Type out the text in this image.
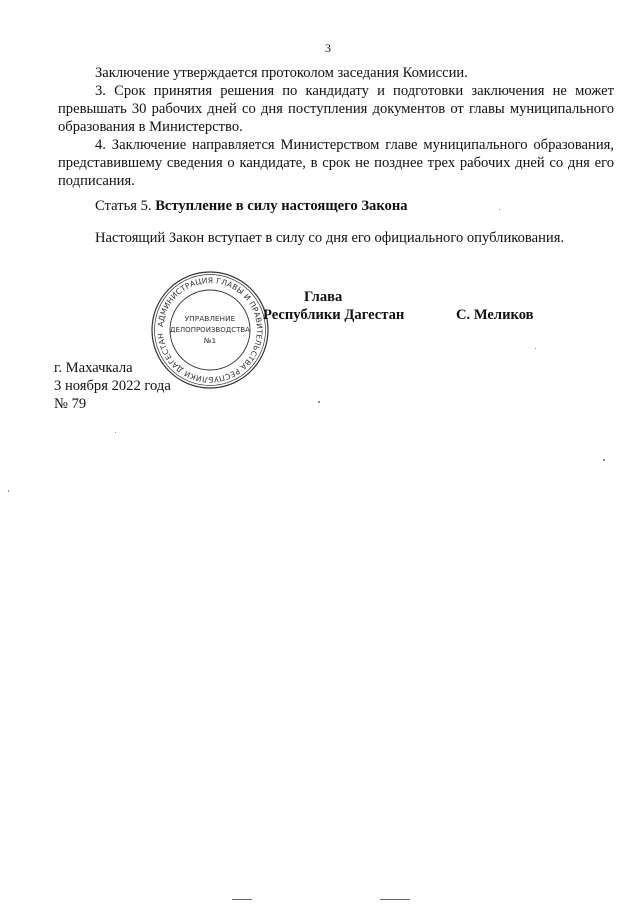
3

Заключение утверждается протоколом заседания Комиссии.

3. Срок принятия решения по кандидату и подготовки заключения не может превышать 30 рабочих дней со дня поступления документов от главы муниципального образования в Министерство.

4. Заключение направляется Министерством главе муниципального образования, представившему сведения о кандидате, в срок не позднее трех рабочих дней со дня его подписания.

Статья 5. Вступление в силу настоящего Закона

Настоящий Закон вступает в силу со дня его официального опубликования.

АДМИНИСТРАЦИЯ ГЛАВЫ И ПРАВИТЕЛЬСТВА РЕСПУБЛИКИ ДАГЕСТАН
УПРАВЛЕНИЕ
ДЕЛОПРОИЗВОДСТВА
№1
Глава
Республики Дагестан	С. Меликов
г. Махачкала
3 ноября 2022 года
№ 79
